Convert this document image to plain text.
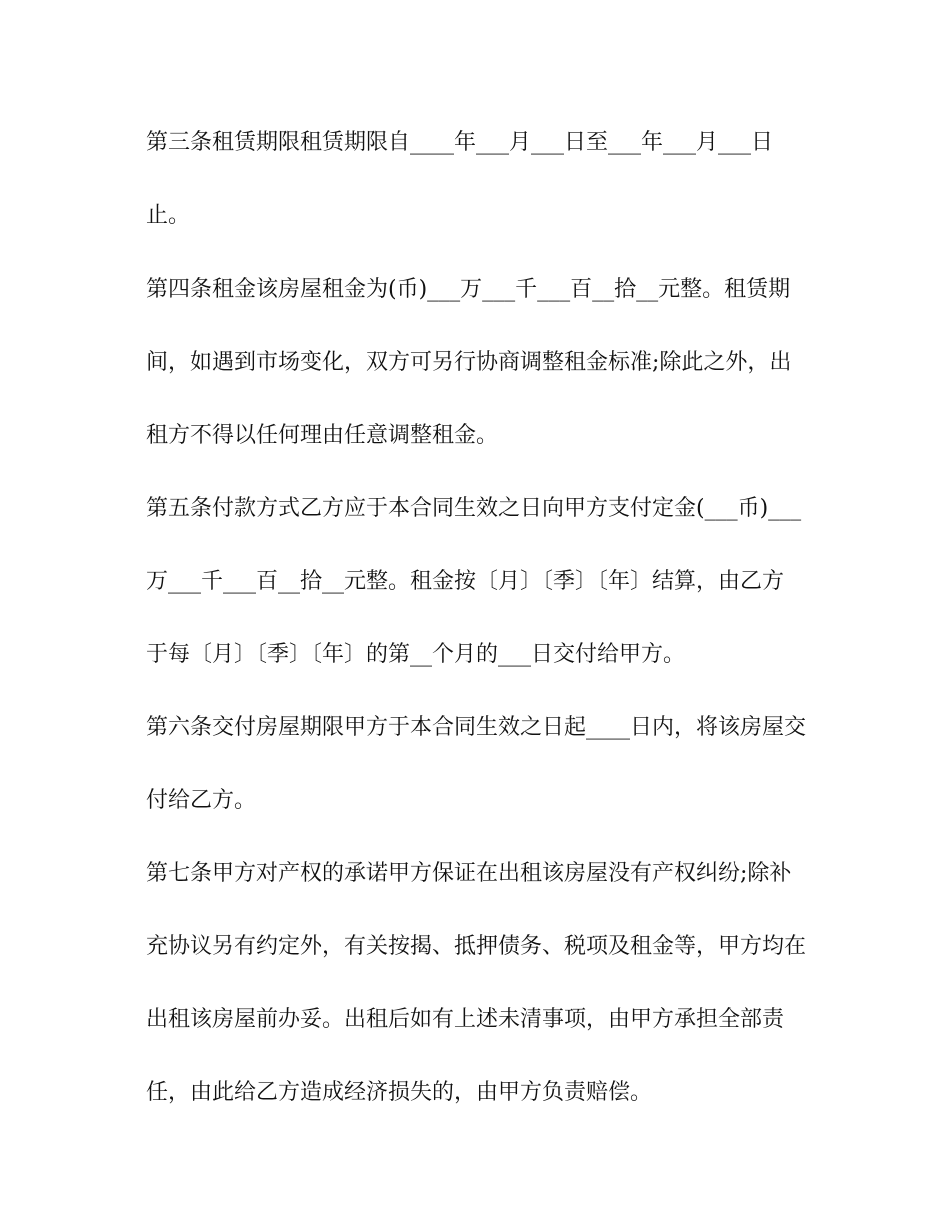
第三条租赁期限租赁期限自____年___月___日至___年___月___日

止。

第四条租金该房屋租金为(币)___万___千___百__拾__元整。租赁期

间，如遇到市场变化，双方可另行协商调整租金标准;除此之外，出

租方不得以任何理由任意调整租金。

第五条付款方式乙方应于本合同生效之日向甲方支付定金(___币)___

万___千___百__拾__元整。租金按〔月〕〔季〕〔年〕结算，由乙方

于每〔月〕〔季〕〔年〕的第__个月的___日交付给甲方。

第六条交付房屋期限甲方于本合同生效之日起____日内，将该房屋交

付给乙方。

第七条甲方对产权的承诺甲方保证在出租该房屋没有产权纠纷;除补

充协议另有约定外，有关按揭、抵押债务、税项及租金等，甲方均在

出租该房屋前办妥。出租后如有上述未清事项，由甲方承担全部责

任，由此给乙方造成经济损失的，由甲方负责赔偿。
